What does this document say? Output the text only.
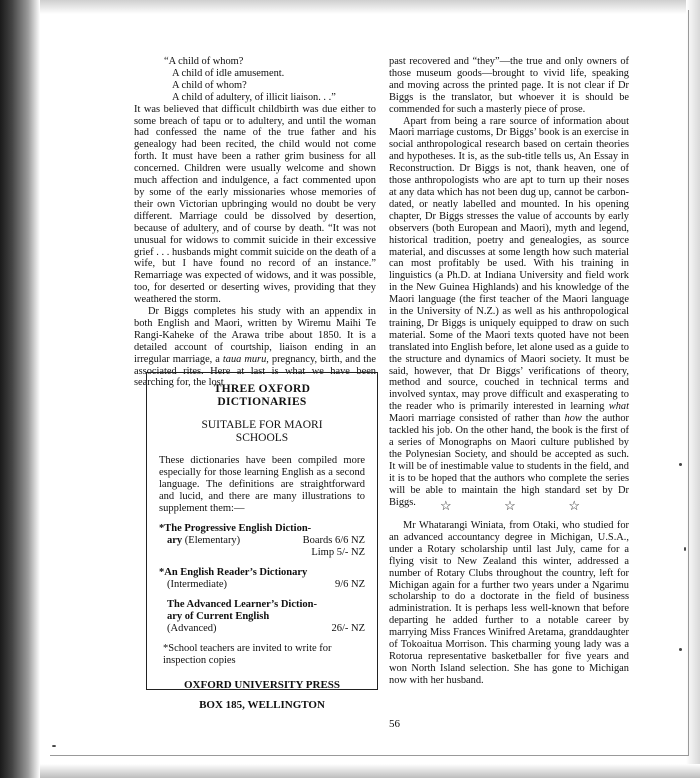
“A child of whom?

A child of idle amusement.

A child of whom?

A child of adultery, of illicit liaison. . .”

It was believed that difficult childbirth was due either to some breach of tapu or to adultery, and until the woman had confessed the name of the true father and his genealogy had been recited, the child would not come forth. It must have been a rather grim business for all concerned. Children were usually welcome and shown much affection and indulgence, a fact commented upon by some of the early missionaries whose memories of their own Victorian upbringing would no doubt be very different. Marriage could be dissolved by desertion, because of adultery, and of course by death. “It was not unusual for widows to commit suicide in their excessive grief . . . husbands might commit suicide on the death of a wife, but I have found no record of an instance.” Remarriage was expected of widows, and it was possible, too, for deserted or deserting wives, providing that they weathered the storm.

Dr Biggs completes his study with an appendix in both English and Maori, written by Wiremu Maihi Te Rangi-Kaheke of the Arawa tribe about 1850. It is a detailed account of courtship, liaison ending in an irregular marriage, a taua muru, pregnancy, birth, and the associated rites. Here at last is what we have been searching for, the lost

past recovered and “they”—the true and only owners of those museum goods—brought to vivid life, speaking and moving across the printed page. It is not clear if Dr Biggs is the translator, but whoever it is should be commended for such a masterly piece of prose.

Apart from being a rare source of information about Maori marriage customs, Dr Biggs’ book is an exercise in social anthropological research based on certain theories and hypotheses. It is, as the sub-title tells us, An Essay in Reconstruction. Dr Biggs is not, thank heaven, one of those anthropologists who are apt to turn up their noses at any data which has not been dug up, cannot be carbon-dated, or neatly labelled and mounted. In his opening chapter, Dr Biggs stresses the value of accounts by early observers (both European and Maori), myth and legend, historical tradition, poetry and genealogies, as source material, and discusses at some length how such material can most profitably be used. With his training in linguistics (a Ph.D. at Indiana University and field work in the New Guinea Highlands) and his knowledge of the Maori language (the first teacher of the Maori language in the University of N.Z.) as well as his anthropological training, Dr Biggs is uniquely equipped to draw on such material. Some of the Maori texts quoted have not been translated into English before, let alone used as a guide to the structure and dynamics of Maori society. It must be said, however, that Dr Biggs’ verifications of theory, method and source, couched in technical terms and involved syntax, may prove difficult and exasperating to the reader who is primarily interested in learning what Maori marriage consisted of rather than how the author tackled his job. On the other hand, the book is the first of a series of Monographs on Maori culture published by the Polynesian Society, and should be accepted as such. It will be of inestimable value to students in the field, and it is to be hoped that the authors who complete the series will be able to maintain the high standard set by Dr Biggs.	☆	☆	☆

Mr Whatarangi Winiata, from Otaki, who studied for an advanced accountancy degree in Michigan, U.S.A., under a Rotary scholarship until last July, came for a flying visit to New Zealand this winter, addressed a number of Rotary Clubs throughout the country, left for Michigan again for a further two years under a Ngarimu scholarship to do a doctorate in the field of business administration. It is perhaps less well-known that before departing he added further to a notable career by marrying Miss Frances Winifred Aretama, granddaughter of Tokoaitua Morrison. This charming young lady was a Rotorua representative basketballer for five years and won North Island selection. She has gone to Michigan now with her husband.

THREE OXFORD
DICTIONARIES
SUITABLE FOR MAORI
SCHOOLS
These dictionaries have been compiled more especially for those learning English as a second language. The definitions are straightforward and lucid, and there are many illustrations to supplement them:—
*The Progressive English Diction-
ary (Elementary)	Boards 6/6 NZ
Limp 5/- NZ
*An English Reader’s Dictionary
(Intermediate)	9/6 NZ
The Advanced Learner’s Diction-
ary of Current English
(Advanced)	26/- NZ
*School teachers are invited to write for inspection copies
OXFORD UNIVERSITY PRESS
BOX 185, WELLINGTON
56
